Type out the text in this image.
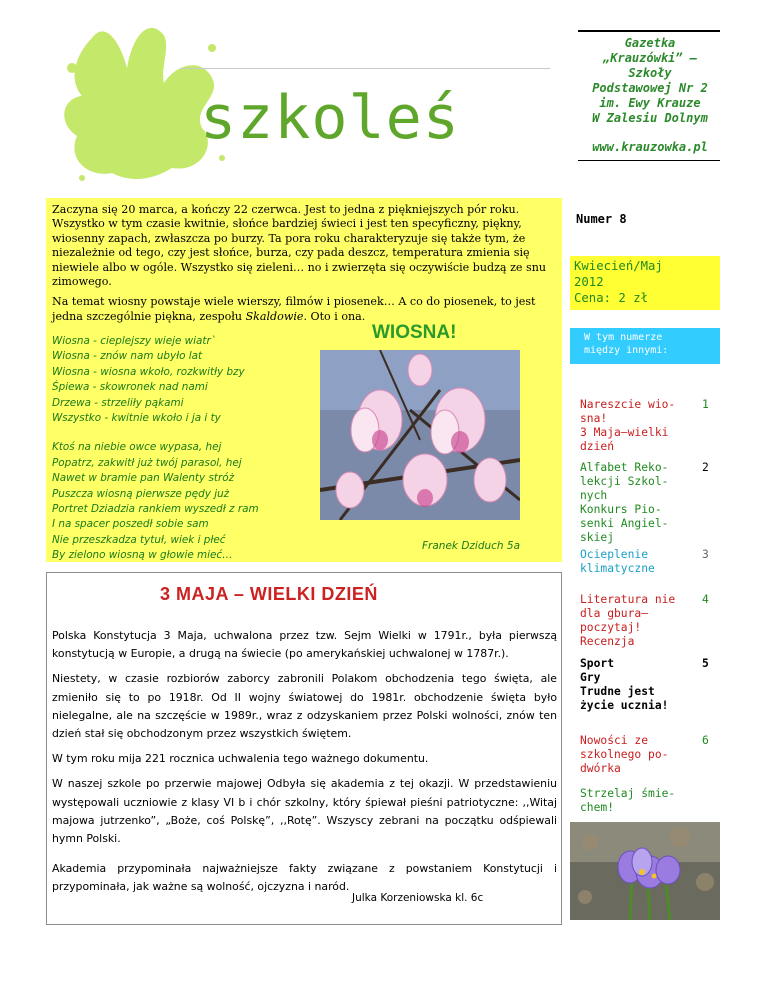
szkoleś
Gazetka
„Krauzówki” –
Szkoły
Podstawowej Nr 2
im. Ewy Krauze
W Zalesiu Dolnym
www.krauzowka.pl

Zaczyna się 20 marca, a kończy 22 czerwca. Jest to jedna z piękniejszych pór roku. Wszystko w tym czasie kwitnie, słońce bardziej świeci i jest ten specyficzny, piękny, wiosenny zapach, zwłaszcza po burzy. Ta pora roku charakteryzuje się także tym, że niezależnie od tego, czy jest słońce, burza, czy pada deszcz, temperatura zmienia się niewiele albo w ogóle. Wszystko się zieleni… no i zwierzęta się oczywiście budzą ze snu zimowego.

Na temat wiosny powstaje wiele wierszy, filmów i piosenek… A co do piosenek, to jest jedna szczególnie piękna, zespołu Skaldowie. Oto i ona.

Wiosna - cieplejszy wieje wiatr`
Wiosna - znów nam ubyło lat
Wiosna - wiosna wkoło, rozkwitły bzy
Śpiewa - skowronek nad nami
Drzewa - strzeliły pąkami
Wszystko - kwitnie wkoło i ja i ty
Ktoś na niebie owce wypasa, hej
Popatrz, zakwitł już twój parasol, hej
Nawet w bramie pan Walenty stróż
Puszcza wiosną pierwsze pędy już
Portret Dziadzia rankiem wyszedł z ram
I na spacer poszedł sobie sam
Nie przeszkadza tytuł, wiek i płeć
By zielono wiosną w głowie mieć…
WIOSNA!
Franek Dziduch 5a
3 MAJA – WIELKI DZIEŃ

Polska Konstytucja 3 Maja, uchwalona przez tzw. Sejm Wielki w 1791r., była pierwszą konstytucją w Europie, a drugą na świecie (po amerykańskiej uchwalonej w 1787r.).

Niestety, w czasie rozbiorów zaborcy zabronili Polakom obchodzenia tego święta, ale zmieniło się to po 1918r. Od II wojny światowej do 1981r. obchodzenie święta było nielegalne, ale na szczęście w 1989r., wraz z odzyskaniem przez Polski wolności, znów ten dzień stał się obchodzonym przez wszystkich świętem.

W tym roku mija 221 rocznica uchwalenia tego ważnego dokumentu.

W naszej szkole po przerwie majowej Odbyła się akademia z tej okazji. W przedstawieniu występowali uczniowie z klasy VI b i chór szkolny, który śpiewał pieśni patriotyczne: ,,Witaj majowa jutrzenko”, „Boże, coś Polskę”, ,,Rotę”. Wszyscy zebrani na początku odśpiewali hymn Polski.

Akademia przypominała najważniejsze fakty związane z powstaniem Konstytucji i przypominała, jak ważne są wolność, ojczyzna i naród.

Julka Korzeniowska kl. 6c
Numer 8
Kwiecień/Maj
2012
Cena: 2 zł
W tym numerze
między innymi:
Nareszcie wio-
sna!
3 Maja—wielki
dzień
1
Alfabet Reko-
lekcji Szkol-
nych
Konkurs Pio-
senki Angiel-
skiej
2
Ocieplenie
klimatyczne
3
Literatura nie
dla gbura—
poczytaj!
Recenzja
4
Sport
Gry
Trudne jest
życie ucznia!
5
Nowości ze
szkolnego po-
dwórka
6
Strzelaj śmie-
chem!
